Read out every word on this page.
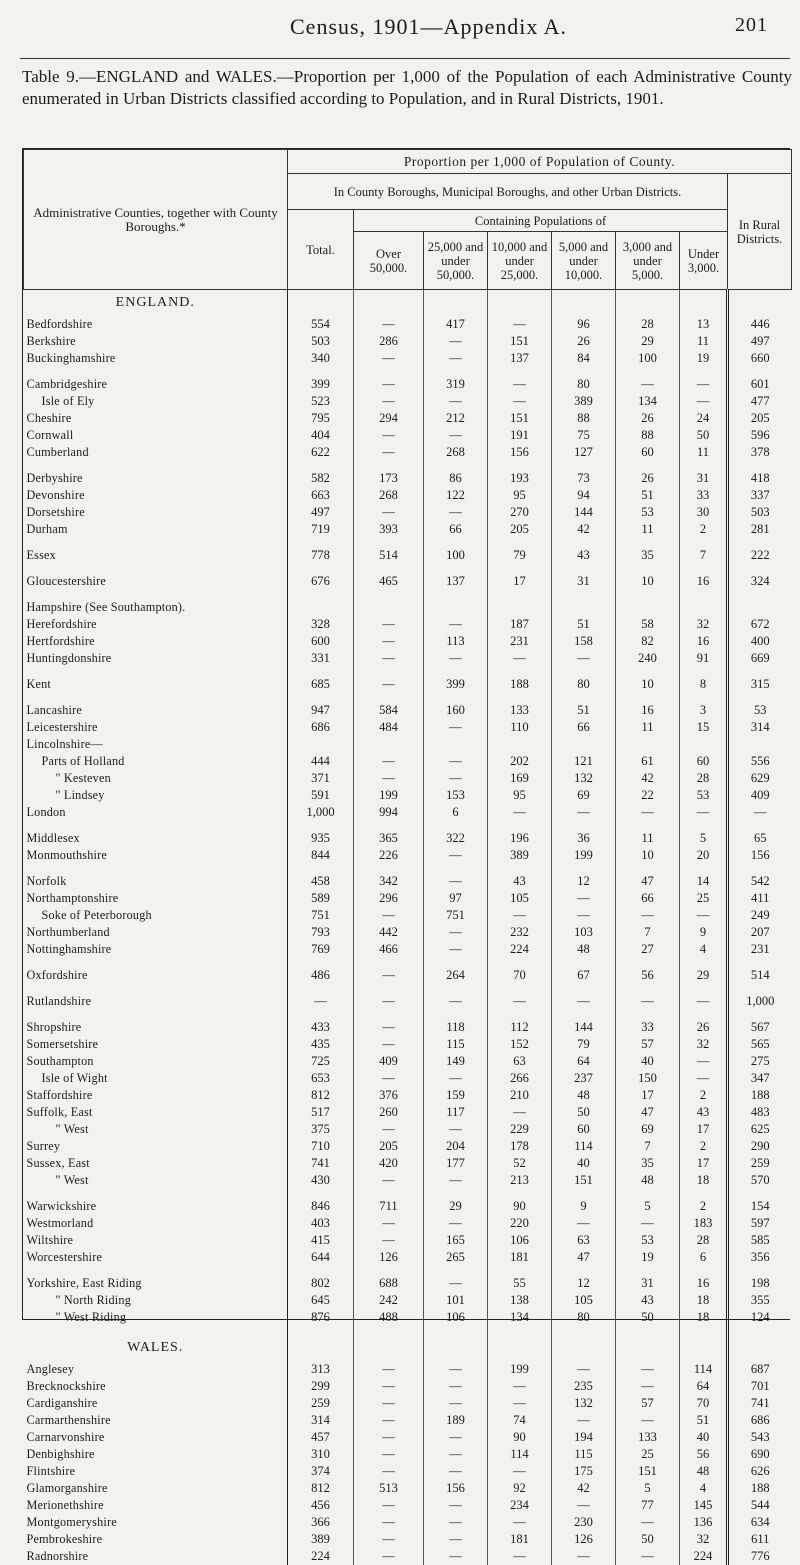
Census, 1901—Appendix A.	201
Table 9.—ENGLAND and WALES.—Proportion per 1,000 of the Population of each Administrative County enumerated in Urban Districts classified according to Population, and in Rural Districts, 1901.
Administrative Counties, together with County Boroughs.*	Proportion per 1,000 of Population of County.							
	In County Boroughs, Municipal Boroughs, and other Urban Districts.							In Rural Districts.
	Total.	Containing Populations of						
		Over 50,000.	25,000 and under 50,000.	10,000 and under 25,000.	5,000 and under 10,000.	3,000 and under 5,000.	Under 3,000.	
ENGLAND.								
Bedfordshire	554	—	417	—	96	28	13	446
Berkshire	503	286	—	151	26	29	11	497
Buckinghamshire	340	—	—	137	84	100	19	660

Cambridgeshire	399	—	319	—	80	—	—	601
Isle of Ely	523	—	—	—	389	134	—	477
Cheshire	795	294	212	151	88	26	24	205
Cornwall	404	—	—	191	75	88	50	596
Cumberland	622	—	268	156	127	60	11	378

Derbyshire	582	173	86	193	73	26	31	418
Devonshire	663	268	122	95	94	51	33	337
Dorsetshire	497	—	—	270	144	53	30	503
Durham	719	393	66	205	42	11	2	281

Essex	778	514	100	79	43	35	7	222

Gloucestershire	676	465	137	17	31	10	16	324

Hampshire (See Southampton).								
Herefordshire	328	—	—	187	51	58	32	672
Hertfordshire	600	—	113	231	158	82	16	400
Huntingdonshire	331	—	—	—	—	240	91	669

Kent	685	—	399	188	80	10	8	315

Lancashire	947	584	160	133	51	16	3	53
Leicestershire	686	484	—	110	66	11	15	314
Lincolnshire—								
Parts of Holland	444	—	—	202	121	61	60	556
" Kesteven	371	—	—	169	132	42	28	629
" Lindsey	591	199	153	95	69	22	53	409
London	1,000	994	6	—	—	—	—	—

Middlesex	935	365	322	196	36	11	5	65
Monmouthshire	844	226	—	389	199	10	20	156

Norfolk	458	342	—	43	12	47	14	542
Northamptonshire	589	296	97	105	—	66	25	411
Soke of Peterborough	751	—	751	—	—	—	—	249
Northumberland	793	442	—	232	103	7	9	207
Nottinghamshire	769	466	—	224	48	27	4	231

Oxfordshire	486	—	264	70	67	56	29	514

Rutlandshire	—	—	—	—	—	—	—	1,000

Shropshire	433	—	118	112	144	33	26	567
Somersetshire	435	—	115	152	79	57	32	565
Southampton	725	409	149	63	64	40	—	275
Isle of Wight	653	—	—	266	237	150	—	347
Staffordshire	812	376	159	210	48	17	2	188
Suffolk, East	517	260	117	—	50	47	43	483
" West	375	—	—	229	60	69	17	625
Surrey	710	205	204	178	114	7	2	290
Sussex, East	741	420	177	52	40	35	17	259
" West	430	—	—	213	151	48	18	570

Warwickshire	846	711	29	90	9	5	2	154
Westmorland	403	—	—	220	—	—	183	597
Wiltshire	415	—	165	106	63	53	28	585
Worcestershire	644	126	265	181	47	19	6	356

Yorkshire, East Riding	802	688	—	55	12	31	16	198
" North Riding	645	242	101	138	105	43	18	355
" West Riding	876	488	106	134	80	50	18	124

WALES.								
Anglesey	313	—	—	199	—	—	114	687
Brecknockshire	299	—	—	—	235	—	64	701
Cardiganshire	259	—	—	—	132	57	70	741
Carmarthenshire	314	—	189	74	—	—	51	686
Carnarvonshire	457	—	—	90	194	133	40	543
Denbighshire	310	—	—	114	115	25	56	690
Flintshire	374	—	—	—	175	151	48	626
Glamorganshire	812	513	156	92	42	5	4	188
Merionethshire	456	—	—	234	—	77	145	544
Montgomeryshire	366	—	—	—	230	—	136	634
Pembrokeshire	389	—	—	181	126	50	32	611
Radnorshire	224	—	—	—	—	—	224	776
